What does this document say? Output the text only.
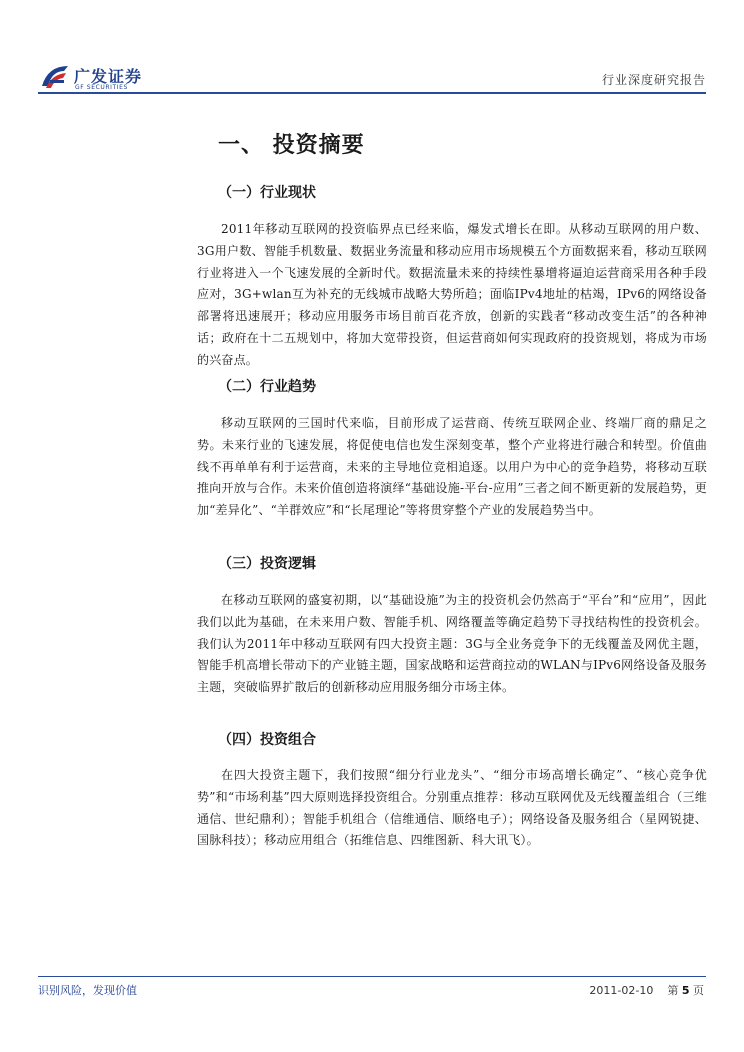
广发证券
GF SECURITIES
行业深度研究报告
一、 投资摘要
（一）行业现状
2011年移动互联网的投资临界点已经来临，爆发式增长在即。从移动互联网的用户数、3G用户数、智能手机数量、数据业务流量和移动应用市场规模五个方面数据来看，移动互联网行业将进入一个飞速发展的全新时代。数据流量未来的持续性暴增将逼迫运营商采用各种手段应对，3G+wlan互为补充的无线城市战略大势所趋；面临IPv4地址的枯竭，IPv6的网络设备部署将迅速展开；移动应用服务市场目前百花齐放，创新的实践者“移动改变生活”的各种神话；政府在十二五规划中，将加大宽带投资，但运营商如何实现政府的投资规划，将成为市场的兴奋点。
（二）行业趋势
移动互联网的三国时代来临，目前形成了运营商、传统互联网企业、终端厂商的鼎足之势。未来行业的飞速发展，将促使电信也发生深刻变革，整个产业将进行融合和转型。价值曲线不再单单有利于运营商，未来的主导地位竞相追逐。以用户为中心的竞争趋势，将移动互联推向开放与合作。未来价值创造将演绎“基础设施-平台-应用”三者之间不断更新的发展趋势，更加“差异化”、“羊群效应”和“长尾理论”等将贯穿整个产业的发展趋势当中。
（三）投资逻辑
在移动互联网的盛宴初期，以“基础设施”为主的投资机会仍然高于“平台”和“应用”，因此我们以此为基础，在未来用户数、智能手机、网络覆盖等确定趋势下寻找结构性的投资机会。我们认为2011年中移动互联网有四大投资主题：3G与全业务竞争下的无线覆盖及网优主题，智能手机高增长带动下的产业链主题，国家战略和运营商拉动的WLAN与IPv6网络设备及服务主题，突破临界扩散后的创新移动应用服务细分市场主体。
（四）投资组合
在四大投资主题下，我们按照“细分行业龙头”、“细分市场高增长确定”、“核心竞争优势”和“市场利基”四大原则选择投资组合。分别重点推荐：移动互联网优及无线覆盖组合（三维通信、世纪鼎利）；智能手机组合（信维通信、顺络电子）；网络设备及服务组合（星网锐捷、国脉科技）；移动应用组合（拓维信息、四维图新、科大讯飞）。
识别风险，发现价值	2011-02-10 第 5 页
